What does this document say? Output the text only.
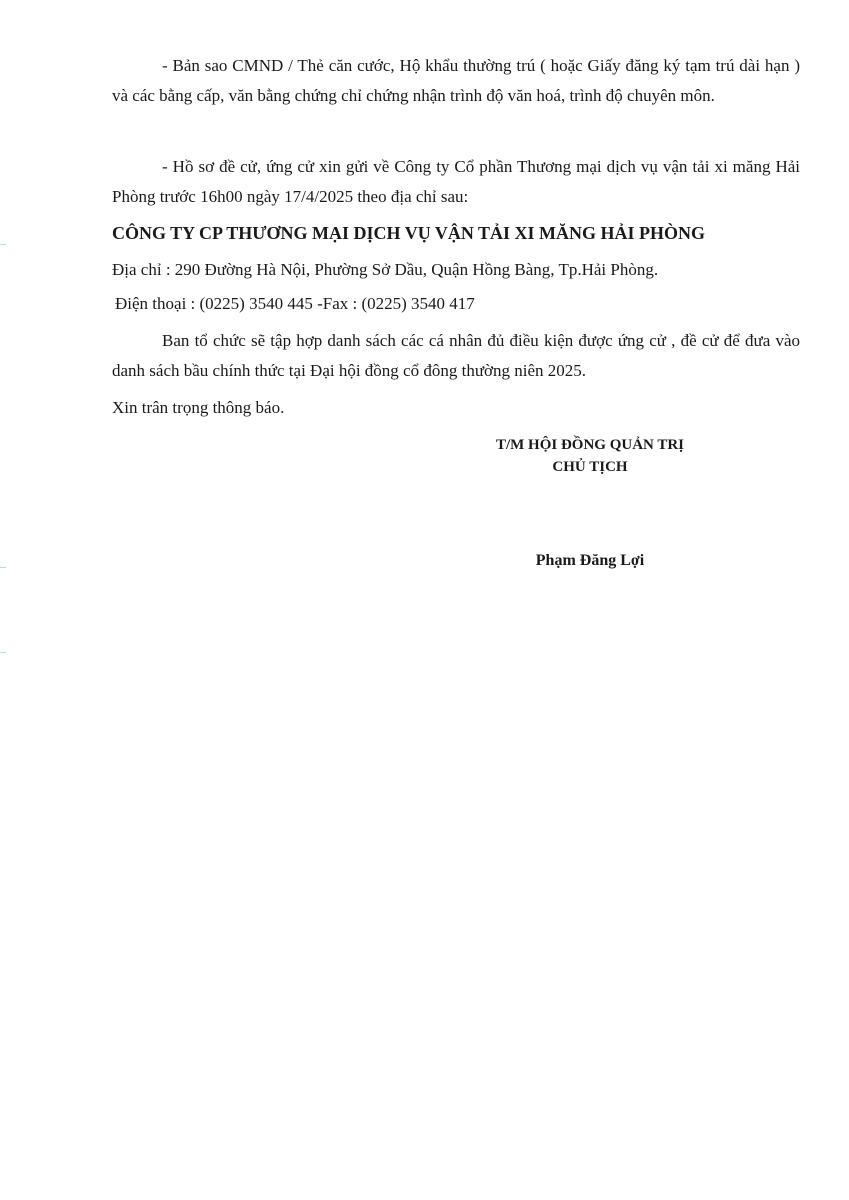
- Bản sao CMND / Thẻ căn cước, Hộ khẩu thường trú ( hoặc Giấy đăng ký tạm trú dài hạn ) và các bằng cấp, văn bằng chứng chỉ chứng nhận trình độ văn hoá, trình độ chuyên môn.

- Hồ sơ đề cử, ứng cử xin gửi về Công ty Cổ phần Thương mại dịch vụ vận tải xi măng Hải Phòng trước 16h00 ngày 17/4/2025 theo địa chỉ sau:

CÔNG TY CP THƯƠNG MẠI DỊCH VỤ VẬN TẢI XI MĂNG HẢI PHÒNG

Địa chỉ : 290 Đường Hà Nội, Phường Sở Dầu, Quận Hồng Bàng, Tp.Hải Phòng.

Điện thoại : (0225) 3540 445 -Fax : (0225) 3540 417

Ban tổ chức sẽ tập hợp danh sách các cá nhân đủ điều kiện được ứng cử , đề cử để đưa vào danh sách bầu chính thức tại Đại hội đồng cổ đông thường niên 2025.

Xin trân trọng thông báo.

T/M HỘI ĐỒNG QUẢN TRỊ

CHỦ TỊCH

Phạm Đăng Lợi
